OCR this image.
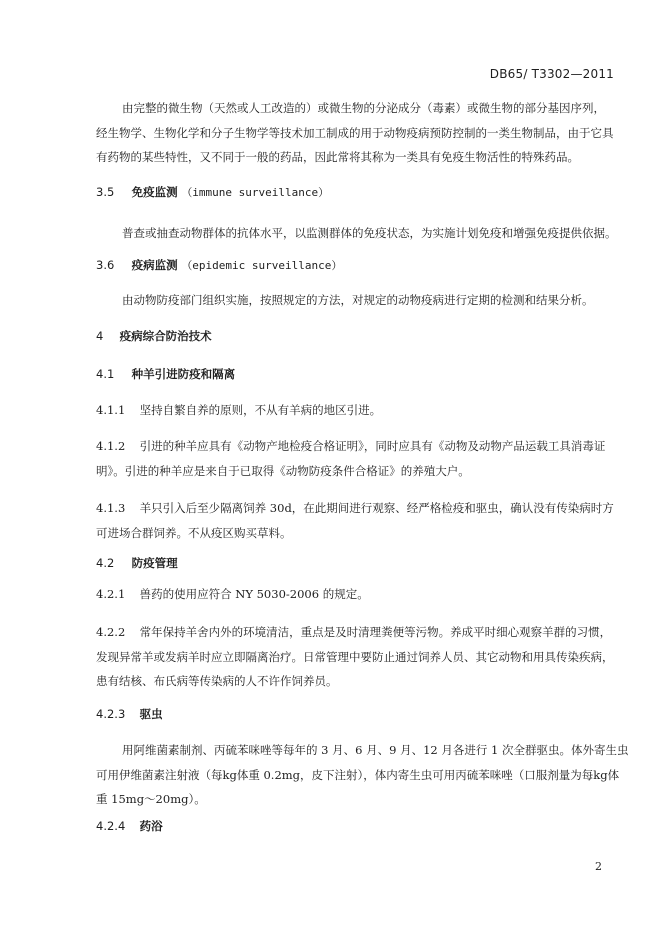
DB65/ T3302—2011
由完整的微生物（天然或人工改造的）或微生物的分泌成分（毒素）或微生物的部分基因序列，
经生物学、生物化学和分子生物学等技术加工制成的用于动物疫病预防控制的一类生物制品，由于它具
有药物的某些特性，又不同于一般的药品，因此常将其称为一类具有免疫生物活性的特殊药品。
3.5 免疫监测 （immune surveillance）
普查或抽查动物群体的抗体水平，以监测群体的免疫状态，为实施计划免疫和增强免疫提供依据。
3.6 疫病监测 （epidemic surveillance）
由动物防疫部门组织实施，按照规定的方法，对规定的动物疫病进行定期的检测和结果分析。
4 疫病综合防治技术
4.1 种羊引进防疫和隔离
4.1.1 坚持自繁自养的原则，不从有羊病的地区引进。
4.1.2 引进的种羊应具有《动物产地检疫合格证明》，同时应具有《动物及动物产品运载工具消毒证
明》。引进的种羊应是来自于已取得《动物防疫条件合格证》的养殖大户。
4.1.3 羊只引入后至少隔离饲养 30d，在此期间进行观察、经严格检疫和驱虫，确认没有传染病时方
可进场合群饲养。不从疫区购买草料。
4.2 防疫管理
4.2.1 兽药的使用应符合 NY 5030-2006 的规定。
4.2.2 常年保持羊舍内外的环境清洁，重点是及时清理粪便等污物。养成平时细心观察羊群的习惯，
发现异常羊或发病羊时应立即隔离治疗。日常管理中要防止通过饲养人员、其它动物和用具传染疾病，
患有结核、布氏病等传染病的人不许作饲养员。
4.2.3 驱虫
用阿维菌素制剂、丙硫苯咪唑等每年的 3 月、6 月、9 月、12 月各进行 1 次全群驱虫。体外寄生虫
可用伊维菌素注射液（每kg体重 0.2mg，皮下注射），体内寄生虫可用丙硫苯咪唑（口服剂量为每kg体
重 15mg～20mg）。
4.2.4 药浴
2
